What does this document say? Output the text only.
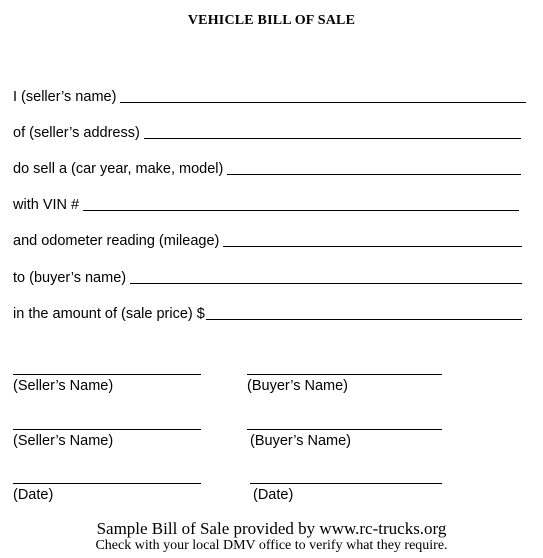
VEHICLE BILL OF SALE
I (seller’s name)
of (seller’s address)
do sell a (car year, make, model)
with VIN #
and odometer reading (mileage)
to (buyer’s name)
in the amount of (sale price) $
(Seller’s Name)	(Buyer’s Name)
(Seller’s Name)	(Buyer’s Name)
(Date)	(Date)
Sample Bill of Sale provided by www.rc-trucks.org
Check with your local DMV office to verify what they require.
